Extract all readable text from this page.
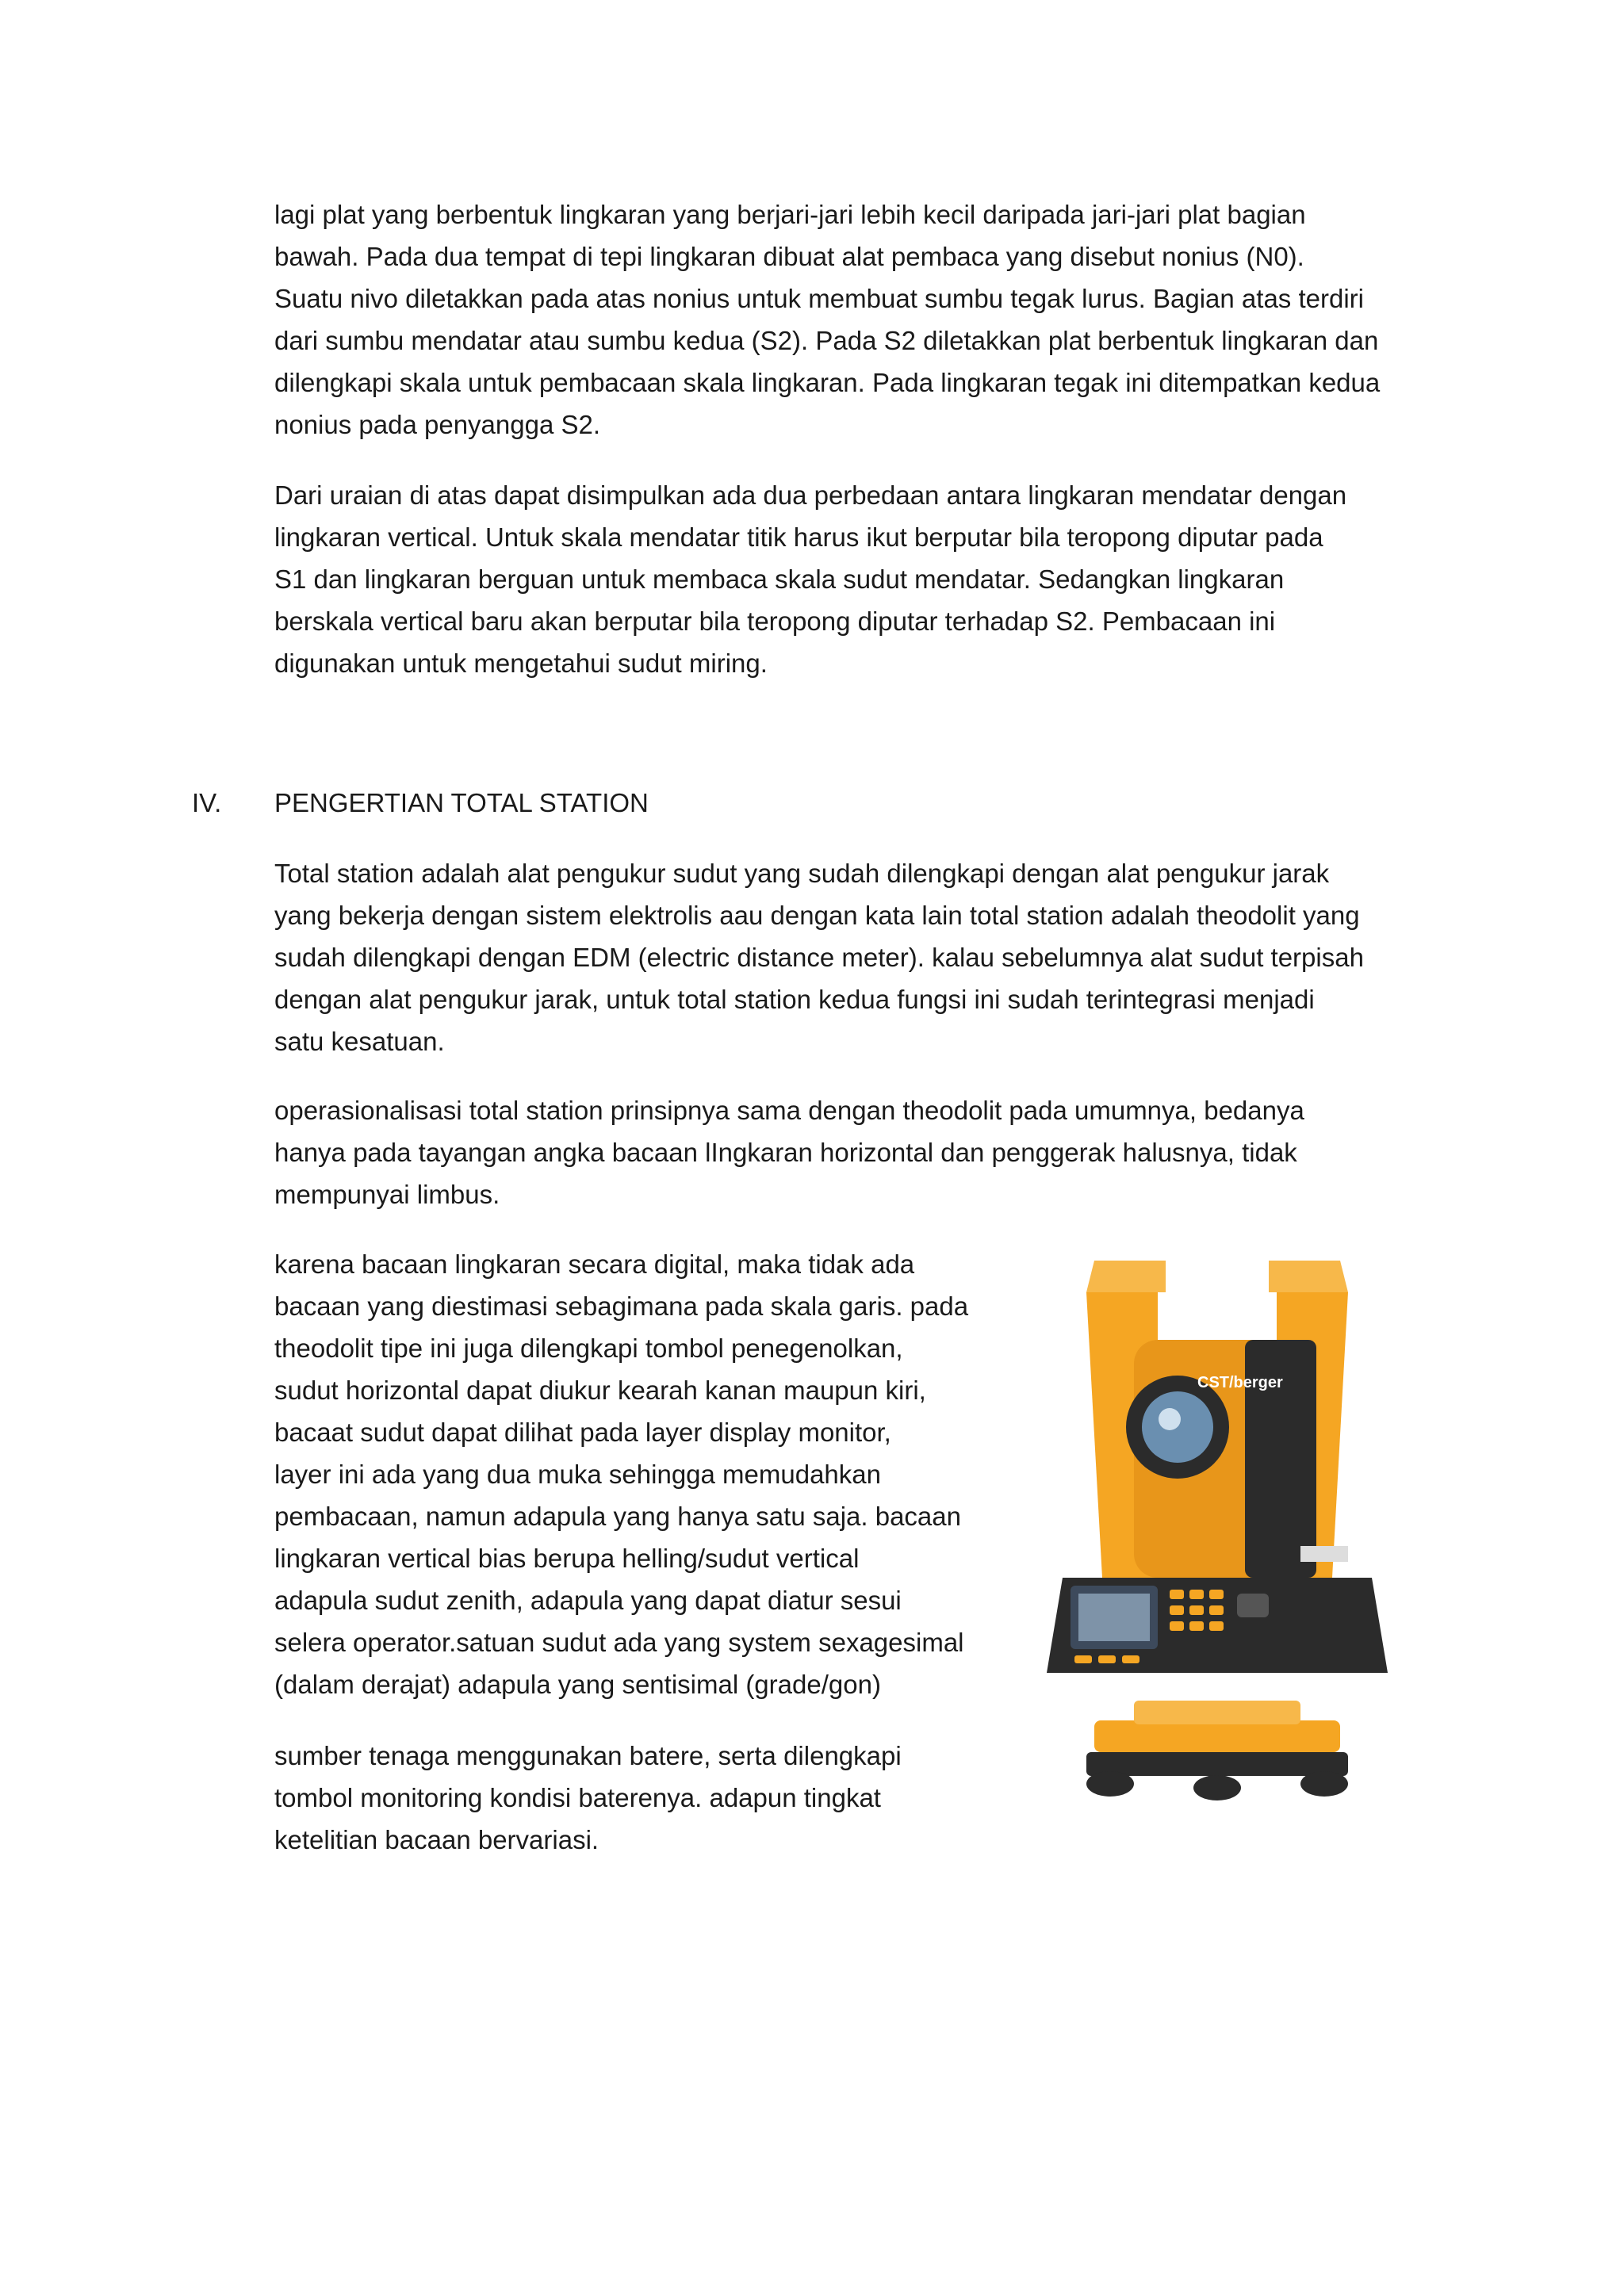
lagi plat yang berbentuk lingkaran yang berjari-jari lebih kecil daripada jari-jari plat bagian
bawah. Pada dua tempat di tepi lingkaran dibuat alat pembaca yang disebut nonius (N0).
Suatu nivo diletakkan pada atas nonius untuk membuat sumbu tegak lurus. Bagian atas terdiri
dari sumbu mendatar atau sumbu kedua (S2). Pada S2 diletakkan plat berbentuk lingkaran dan
dilengkapi skala untuk pembacaan skala lingkaran. Pada lingkaran tegak ini ditempatkan kedua
nonius pada penyangga S2.

Dari uraian di atas dapat disimpulkan ada dua perbedaan antara lingkaran mendatar dengan
lingkaran vertical. Untuk skala mendatar titik harus ikut berputar bila teropong diputar pada
S1 dan lingkaran berguan untuk membaca skala sudut mendatar. Sedangkan lingkaran
berskala vertical baru akan berputar bila teropong diputar terhadap S2. Pembacaan ini
digunakan untuk mengetahui sudut miring.

IV. PENGERTIAN TOTAL STATION

Total station adalah alat pengukur sudut yang sudah dilengkapi dengan alat pengukur jarak
yang bekerja dengan sistem elektrolis aau dengan kata lain total station adalah theodolit yang
sudah dilengkapi dengan EDM (electric distance meter). kalau sebelumnya alat sudut terpisah
dengan alat pengukur jarak, untuk total station kedua fungsi ini sudah terintegrasi menjadi
satu kesatuan.

operasionalisasi total station prinsipnya sama dengan theodolit pada umumnya, bedanya
hanya pada tayangan angka bacaan lIngkaran horizontal dan penggerak halusnya, tidak
mempunyai limbus.

karena bacaan lingkaran secara digital, maka tidak ada
bacaan yang diestimasi sebagimana pada skala garis. pada
theodolit tipe ini juga dilengkapi tombol penegenolkan,
sudut horizontal dapat diukur kearah kanan maupun kiri,
bacaat sudut dapat dilihat pada layer display monitor,
layer ini ada yang dua muka sehingga memudahkan
pembacaan, namun adapula yang hanya satu saja. bacaan
lingkaran vertical bias berupa helling/sudut vertical
adapula sudut zenith, adapula yang dapat diatur sesui
selera operator.satuan sudut ada yang system sexagesimal
(dalam derajat) adapula yang sentisimal (grade/gon)

sumber tenaga menggunakan batere, serta dilengkapi
tombol monitoring kondisi baterenya. adapun tingkat
ketelitian bacaan bervariasi.

CST/berger
